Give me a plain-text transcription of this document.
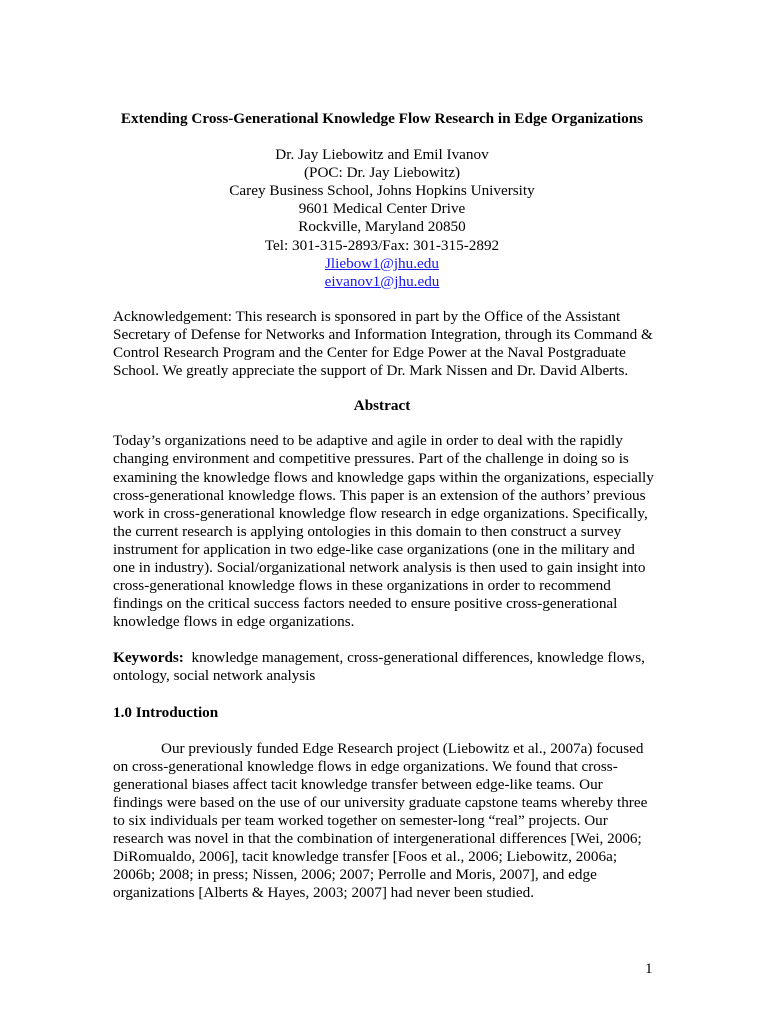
Extending Cross-Generational Knowledge Flow Research in Edge Organizations
Dr. Jay Liebowitz and Emil Ivanov
(POC: Dr. Jay Liebowitz)
Carey Business School, Johns Hopkins University
9601 Medical Center Drive
Rockville, Maryland 20850
Tel: 301-315-2893/Fax: 301-315-2892
Jliebow1@jhu.edu
eivanov1@jhu.edu

Acknowledgement: This research is sponsored in part by the Office of the Assistant
Secretary of Defense for Networks and Information Integration, through its Command &
Control Research Program and the Center for Edge Power at the Naval Postgraduate
School. We greatly appreciate the support of Dr. Mark Nissen and Dr. David Alberts.

Abstract

Today’s organizations need to be adaptive and agile in order to deal with the rapidly
changing environment and competitive pressures. Part of the challenge in doing so is
examining the knowledge flows and knowledge gaps within the organizations, especially
cross-generational knowledge flows. This paper is an extension of the authors’ previous
work in cross-generational knowledge flow research in edge organizations. Specifically,
the current research is applying ontologies in this domain to then construct a survey
instrument for application in two edge-like case organizations (one in the military and
one in industry). Social/organizational network analysis is then used to gain insight into
cross-generational knowledge flows in these organizations in order to recommend
findings on the critical success factors needed to ensure positive cross-generational
knowledge flows in edge organizations.

Keywords:  knowledge management, cross-generational differences, knowledge flows,
ontology, social network analysis

1.0 Introduction

Our previously funded Edge Research project (Liebowitz et al., 2007a) focused
on cross-generational knowledge flows in edge organizations. We found that cross-
generational biases affect tacit knowledge transfer between edge-like teams. Our
findings were based on the use of our university graduate capstone teams whereby three
to six individuals per team worked together on semester-long “real” projects. Our
research was novel in that the combination of intergenerational differences [Wei, 2006;
DiRomualdo, 2006], tacit knowledge transfer [Foos et al., 2006; Liebowitz, 2006a;
2006b; 2008; in press; Nissen, 2006; 2007; Perrolle and Moris, 2007], and edge
organizations [Alberts & Hayes, 2003; 2007] had never been studied.

1
